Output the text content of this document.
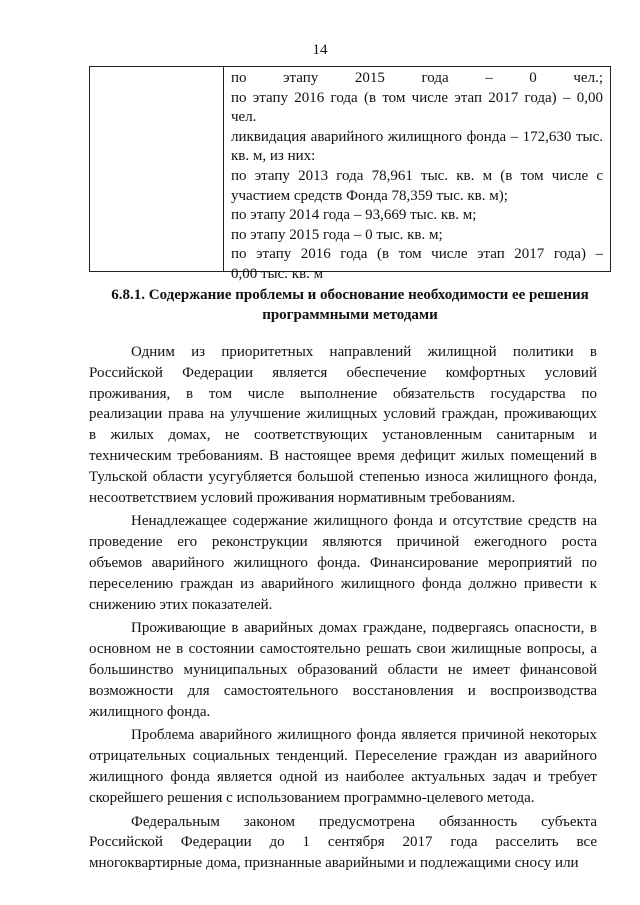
14
по этапу 2015 года – 0 чел.;
по этапу 2016 года (в том числе этап 2017 года) – 0,00
чел.
ликвидация аварийного жилищного фонда – 172,630 тыс.
кв. м, из них:
по этапу 2013 года 78,961 тыс. кв. м (в том числе с
участием средств Фонда 78,359 тыс. кв. м);
по этапу 2014 года – 93,669 тыс. кв. м;
по этапу 2015 года – 0 тыс. кв. м;
по этапу 2016 года (в том числе этап 2017 года) –
0,00 тыс. кв. м
6.8.1. Содержание проблемы и обоснование необходимости ее решения
программными методами
Одним из приоритетных направлений жилищной политики в
Российской Федерации является обеспечение комфортных условий
проживания, в том числе выполнение обязательств государства по
реализации права на улучшение жилищных условий граждан, проживающих
в жилых домах, не соответствующих установленным санитарным и
техническим требованиям. В настоящее время дефицит жилых помещений в
Тульской области усугубляется большой степенью износа жилищного фонда,
несоответствием условий проживания нормативным требованиям.
Ненадлежащее содержание жилищного фонда и отсутствие средств на
проведение его реконструкции являются причиной ежегодного роста
объемов аварийного жилищного фонда. Финансирование мероприятий по
переселению граждан из аварийного жилищного фонда должно привести к
снижению этих показателей.
Проживающие в аварийных домах граждане, подвергаясь опасности, в
основном не в состоянии самостоятельно решать свои жилищные вопросы, а
большинство муниципальных образований области не имеет финансовой
возможности для самостоятельного восстановления и воспроизводства
жилищного фонда.
Проблема аварийного жилищного фонда является причиной некоторых
отрицательных социальных тенденций. Переселение граждан из аварийного
жилищного фонда является одной из наиболее актуальных задач и требует
скорейшего решения с использованием программно-целевого метода.
Федеральным законом предусмотрена обязанность субъекта
Российской Федерации до 1 сентября 2017 года расселить все
многоквартирные дома, признанные аварийными и подлежащими сносу или
